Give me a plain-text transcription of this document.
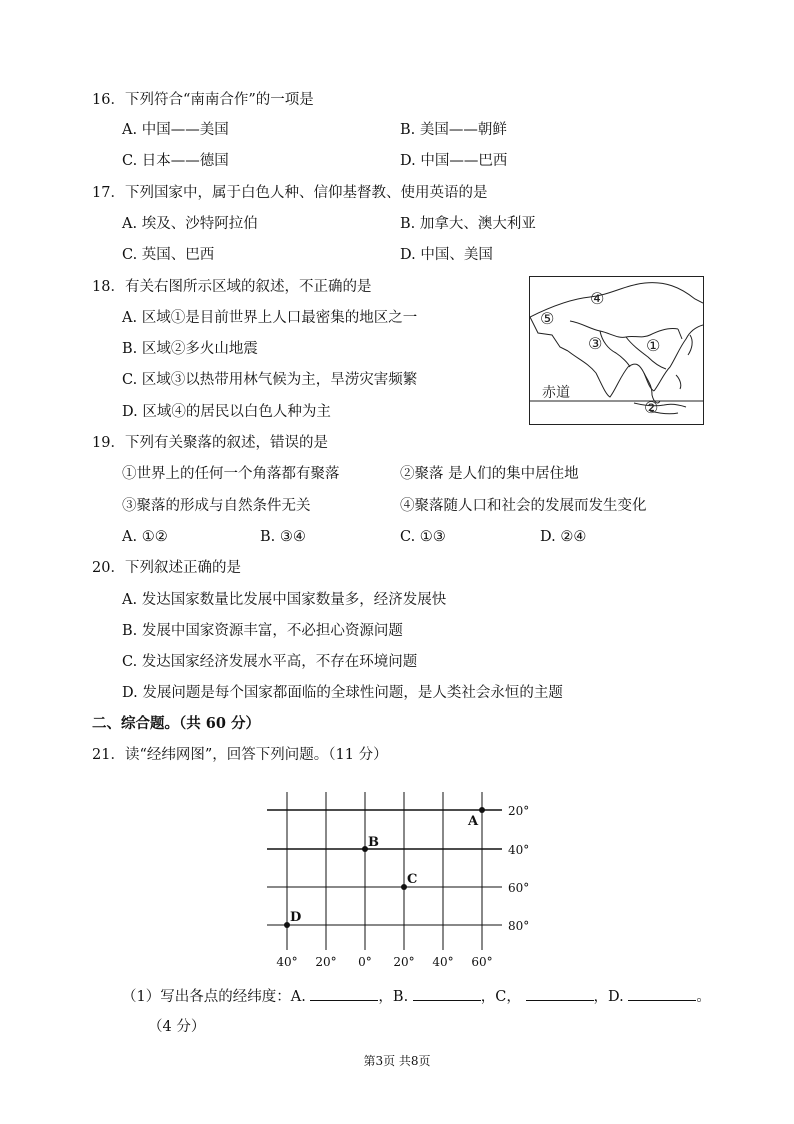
16．下列符合“南南合作”的一项是
A. 中国——美国	B. 美国——朝鲜
C. 日本——德国	D. 中国——巴西
17．下列国家中，属于白色人种、信仰基督教、使用英语的是
A. 埃及、沙特阿拉伯	B. 加拿大、澳大利亚
C. 英国、巴西	D. 中国、美国
18．有关右图所示区域的叙述，不正确的是
A. 区域①是目前世界上人口最密集的地区之一
B. 区域②多火山地震
C. 区域③以热带用林气候为主，旱涝灾害频繁
D. 区域④的居民以白色人种为主
④
⑤
③	①
②
赤道
19．下列有关聚落的叙述，错误的是
①世界上的任何一个角落都有聚落	②聚落 是人们的集中居住地
③聚落的形成与自然条件无关	④聚落随人口和社会的发展而发生变化
A. ①②	B. ③④	C. ①③	D. ②④
20．下列叙述正确的是
A. 发达国家数量比发展中国家数量多，经济发展快
B. 发展中国家资源丰富，不必担心资源问题
C. 发达国家经济发展水平高，不存在环境问题
D. 发展问题是每个国家都面临的全球性问题，是人类社会永恒的主题
二、综合题。（共 60 分）
21．读“经纬网图”，回答下列问题。（11 分）
A
B
C
D
20°
40°
60°
80°
40° 20° 0° 20° 40° 60°
（1）写出各点的经纬度：A.	，B.	，C，	，D.	。
（4 分）
第3页 共8页
